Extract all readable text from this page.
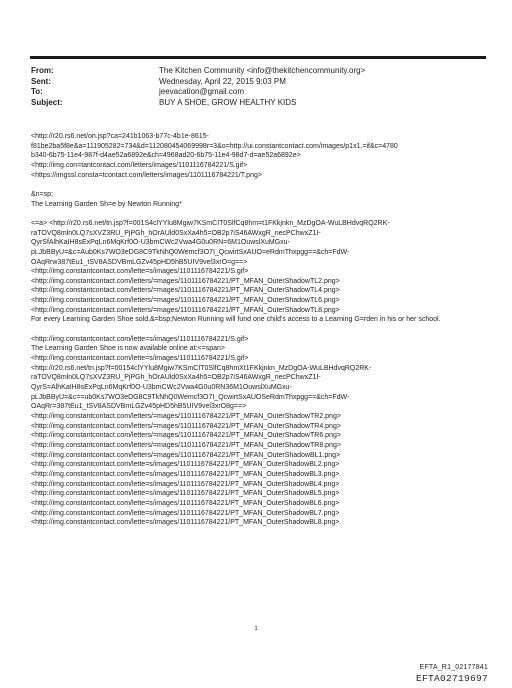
From:	The Kitchen Community <info@thekitchencommunity.org>
Sent:	Wednesday, April 22, 2015 9:03 PM
To:	jeevacation@gmail.com
Subject:	BUY A SHOE, GROW HEALTHY KIDS
<http://r20.rs6.net/on.jsp?ca=241b1063-b77c-4b1e-8615-
f81be2ba5f8e&a=111905282=734&d=112080454069998r=3&o=http://ui.constantcontact.com/images/p1x1.=if&c=4780
b340-6b75-11e4-987f-d4ae52a6892e&ch=4968ad20-6b75-11e4-98d7-d=ae52a6892e>
<http://img.con=tantcontact.com/letters/images/1101116784221/S.gif>
<https://imgssl.consta=tcontact.com/letters/images/1101116784221/T.png>
&n=sp;
The Learning Garden Sh=e by Newton Running*
<=a> <http://r20.rs6.net/tn.jsp?f=001S4clYYlu8Mgiw7KSmCIT0SlfCq8hm=t1FKkjnkn_MzDgOA-WuLBHdvqRQ2RK-
raTOVQ8mln0LQ7sXVZ3RU_PjPGh_hOrAUld0SxXa4h5=OB2p7iS46AWxgR_necPChwxZ1I-
QyrSfAlhKaIH8sExPqLn6MqKrf0O-U3bmCWc2Vwa4G0u0RN=6M1OuwslXuMGxu-
pLJbBByU=&c=Aub0Ks7WO3eDG8C9TkNhQ0Wemcf3O7I_QcwirtSxAUO=eRdmThxpgg==&ch=FdW-
OAqRrw387tEu1_tSV8ASDVBmLGZv45pHD5hB5UIV9vel3xrO=g==>
<http://img.constantcontact.com/lette=s/images/1101116784221/S.gif>
<http://img.constantcontact.com/letters/=mages/1101116784221/PT_MFAN_OuterShadowTL2.png>
<http://img.constantcontact.com/letters/=mages/1101116784221/PT_MFAN_OuterShadowTL4.png>
<http://img.constantcontact.com/letters/=mages/1101116784221/PT_MFAN_OuterShadowTL6.png>
<http://img.constantcontact.com/letters/=mages/1101116784221/PT_MFAN_OuterShadowTL8.png>
For every Learning Garden Shoe sold,&=bsp;Newton Running will fund one child's access to a Learning G=rden in his or her school.
<http://img.constantcontact.com/lette=s/images/1101116784221/S.gif>
The Learning Garden Shoe is now available online at:<=span>
<http://img.constantcontact.com/lette=s/images/1101116784221/S.gif>
<http://r20.rs6.net/tn.jsp?f=00154clYYlu8Mgiw7KSmCIT0SlfCq8hmXt1FKkjnkn_MzDgOA-WuLBHdvqRQ2RK-
raTOVQ8mln0LQ7sXVZ3RU_PjPGh_hOrAUld0SxXa4h5=OB2p7iS46AWxgR_necPChwxZ1I-
QyrS=AlhKaIH8sExPqLn6MqKrf0O-U3bmCWc2Vwa4G0u0RN36M1OuwslXuMGxu-
pLJbBByU=&c==ub0Ks7WO3eDG8C9TkNhQ0Wemcf3O7I_QcwirtSxAUOSeRdmThxpgg==&ch=FdW-
OAqRr=387tEu1_tSV8ASDVBmLGZv45pHD5hB5UIV9vel3xrO8g==>
<http://img.constantcontact.com/letters/=mages/1101116784221/PT_MFAN_OuterShadowTR2.png>
<http://img.constantcontact.com/letters/=mages/1101116784221/PT_MFAN_OuterShadowTR4.png>
<http://img.constantcontact.com/letters/=mages/1101116784221/PT_MFAN_OuterShadowTR6.png>
<http://img.constantcontact.com/letters/=mages/1101116784221/PT_MFAN_OuterShadowTR8.png>
<http://img.constantcontact.com/letters/=mages/1101116784221/PT_MFAN_OuterShadowBL1.png>
<http://img.constantcontact.com/lette=s/images/1101116784221/PT_MFAN_OuterShadowBL2.png>
<http://img.constantcontact.com/lette=s/images/1101116784221/PT_MFAN_OuterShadowBL3.png>
<http://img.constantcontact.com/lette=s/images/1101116784221/PT_MFAN_OuterShadowBL4.png>
<http://img.constantcontact.com/lette=s/images/1101116784221/PT_MFAN_OuterShadowBL5.png>
<http://img.constantcontact.com/lette=s/images/1101116784221/PT_MFAN_OuterShadowBL6.png>
<http://img.constantcontact.com/lette=s/images/1101116784221/PT_MFAN_OuterShadowBL7.png>
<http://img.constantcontact.com/lette=s/images/1101116784221/PT_MFAN_OuterShadowBL8.png>
1
EFTA_R1_02177841
EFTA02719697
